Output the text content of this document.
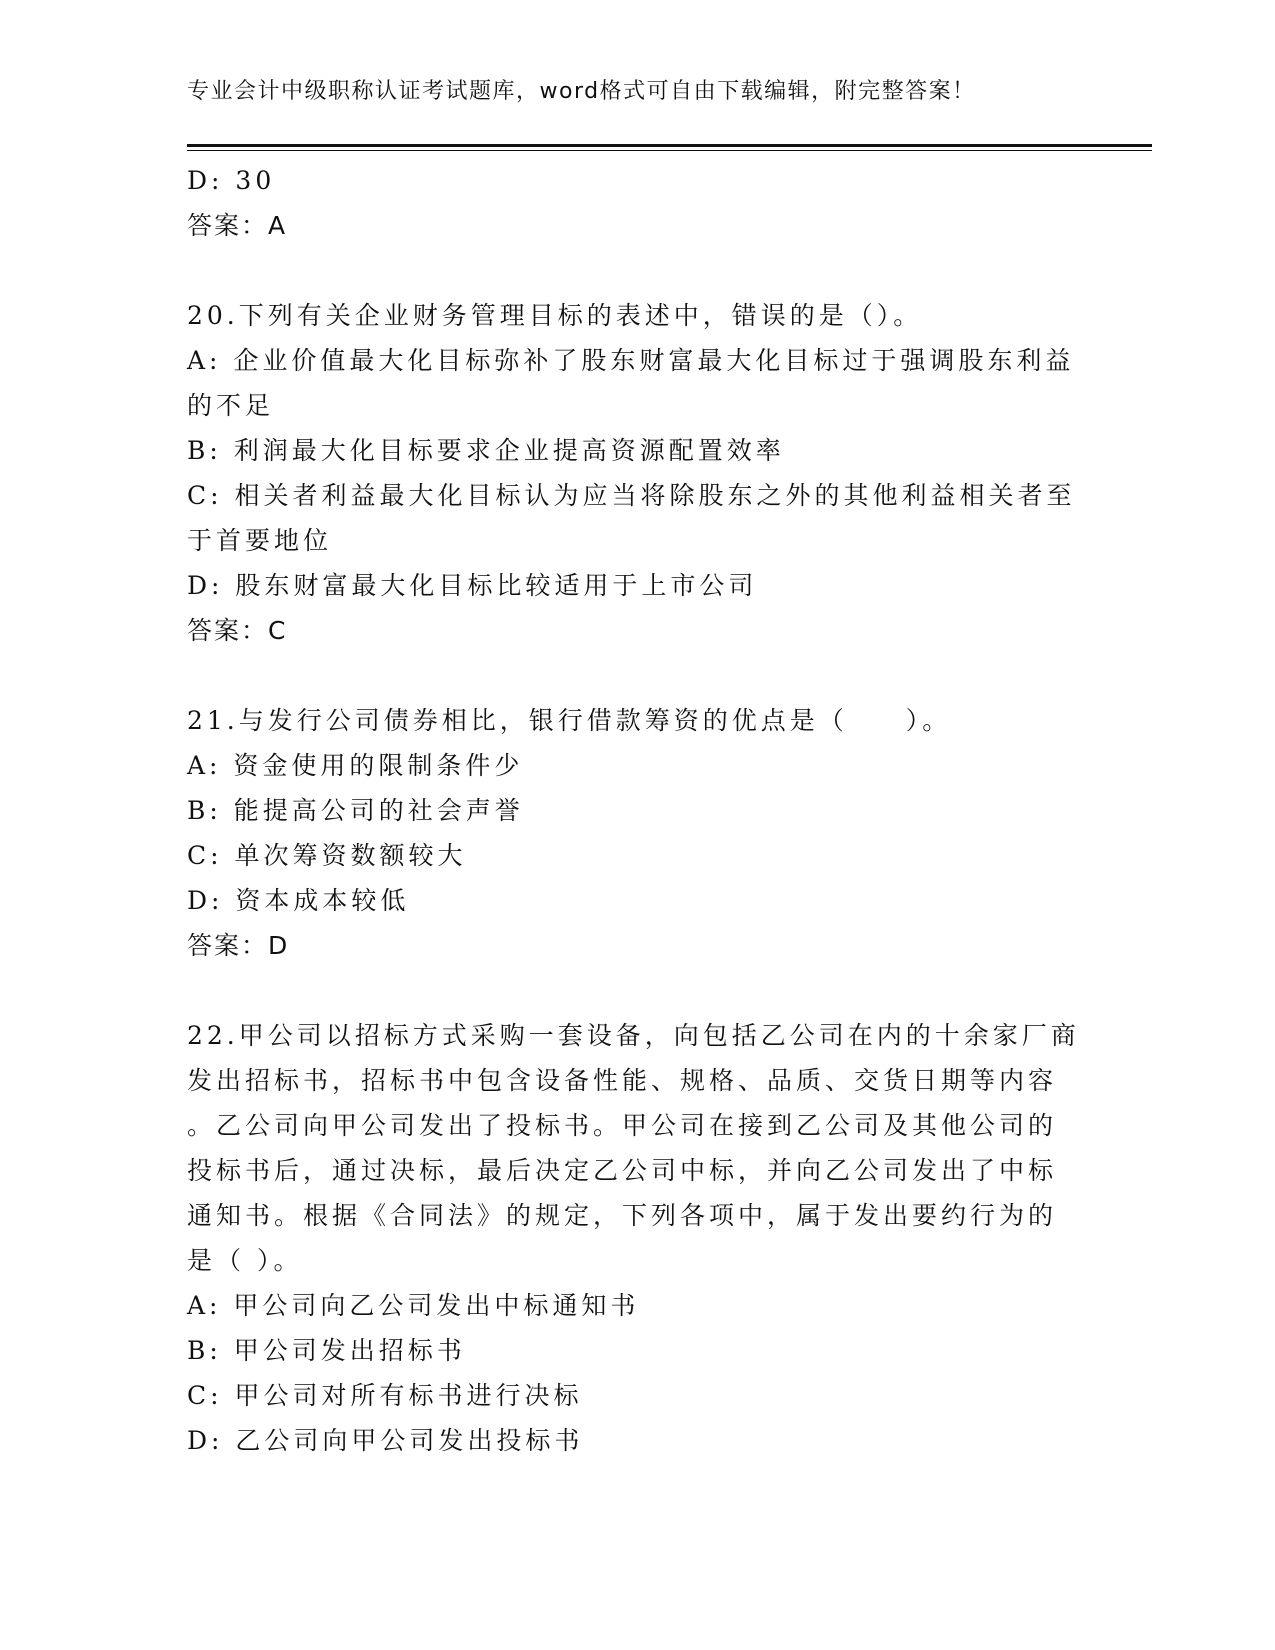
专业会计中级职称认证考试题库，word格式可自由下载编辑，附完整答案！
D: 30
答案：A
20.下列有关企业财务管理目标的表述中，错误的是（）。
A: 企业价值最大化目标弥补了股东财富最大化目标过于强调股东利益
的不足
B: 利润最大化目标要求企业提高资源配置效率
C: 相关者利益最大化目标认为应当将除股东之外的其他利益相关者至
于首要地位
D: 股东财富最大化目标比较适用于上市公司
答案：C
21.与发行公司债券相比，银行借款筹资的优点是（　　）。
A: 资金使用的限制条件少
B: 能提高公司的社会声誉
C: 单次筹资数额较大
D: 资本成本较低
答案：D
22.甲公司以招标方式采购一套设备，向包括乙公司在内的十余家厂商
发出招标书，招标书中包含设备性能、规格、品质、交货日期等内容
。乙公司向甲公司发出了投标书。甲公司在接到乙公司及其他公司的
投标书后，通过决标，最后决定乙公司中标，并向乙公司发出了中标
通知书。根据《合同法》的规定，下列各项中，属于发出要约行为的
是（ ）。
A: 甲公司向乙公司发出中标通知书
B: 甲公司发出招标书
C: 甲公司对所有标书进行决标
D: 乙公司向甲公司发出投标书
